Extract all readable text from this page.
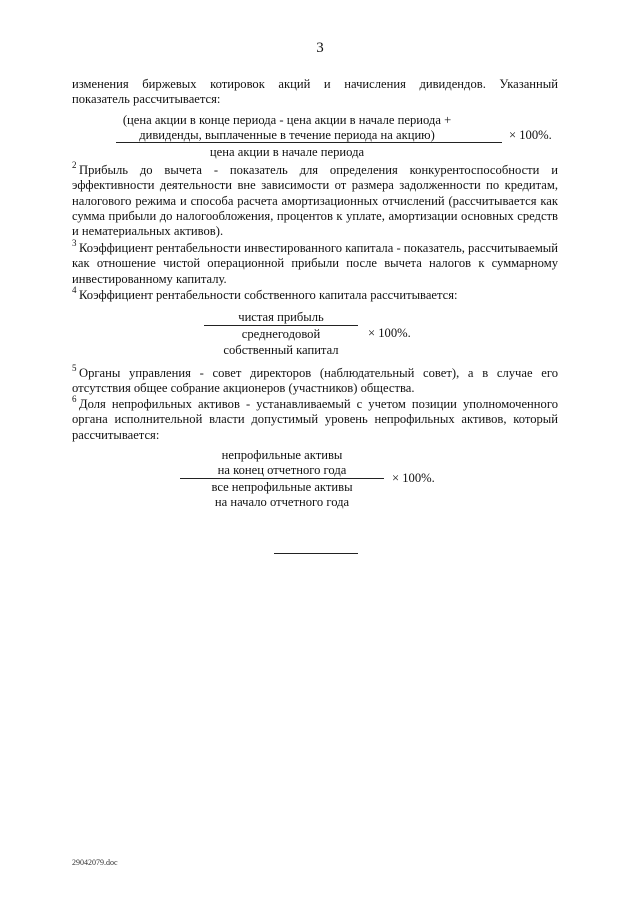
3
изменения биржевых котировок акций и начисления дивидендов. Указанный
показатель рассчитывается:
(цена акции в конце периода - цена акции в начале периода +
дивиденды, выплаченные в течение периода на акцию)	× 100%.
цена акции в начале периода
2 Прибыль до вычета - показатель для определения конкурентоспособности и эффективности деятельности вне зависимости от размера задолженности по кредитам, налогового режима и способа расчета амортизационных отчислений (рассчитывается как сумма прибыли до налогообложения, процентов к уплате, амортизации основных средств и нематериальных активов).
3 Коэффициент рентабельности инвестированного капитала - показатель, рассчитываемый как отношение чистой операционной прибыли после вычета налогов к суммарному инвестированному капиталу.
4 Коэффициент рентабельности собственного капитала рассчитывается:
чистая прибыль
× 100%.
среднегодовой
собственный капитал
5 Органы управления - совет директоров (наблюдательный совет), а в случае его отсутствия общее собрание акционеров (участников) общества.
6 Доля непрофильных активов - устанавливаемый с учетом позиции уполномоченного органа исполнительной власти допустимый уровень непрофильных активов, который рассчитывается:
непрофильные активы
на конец отчетного года
× 100%.
все непрофильные активы
на начало отчетного года
29042079.doc
